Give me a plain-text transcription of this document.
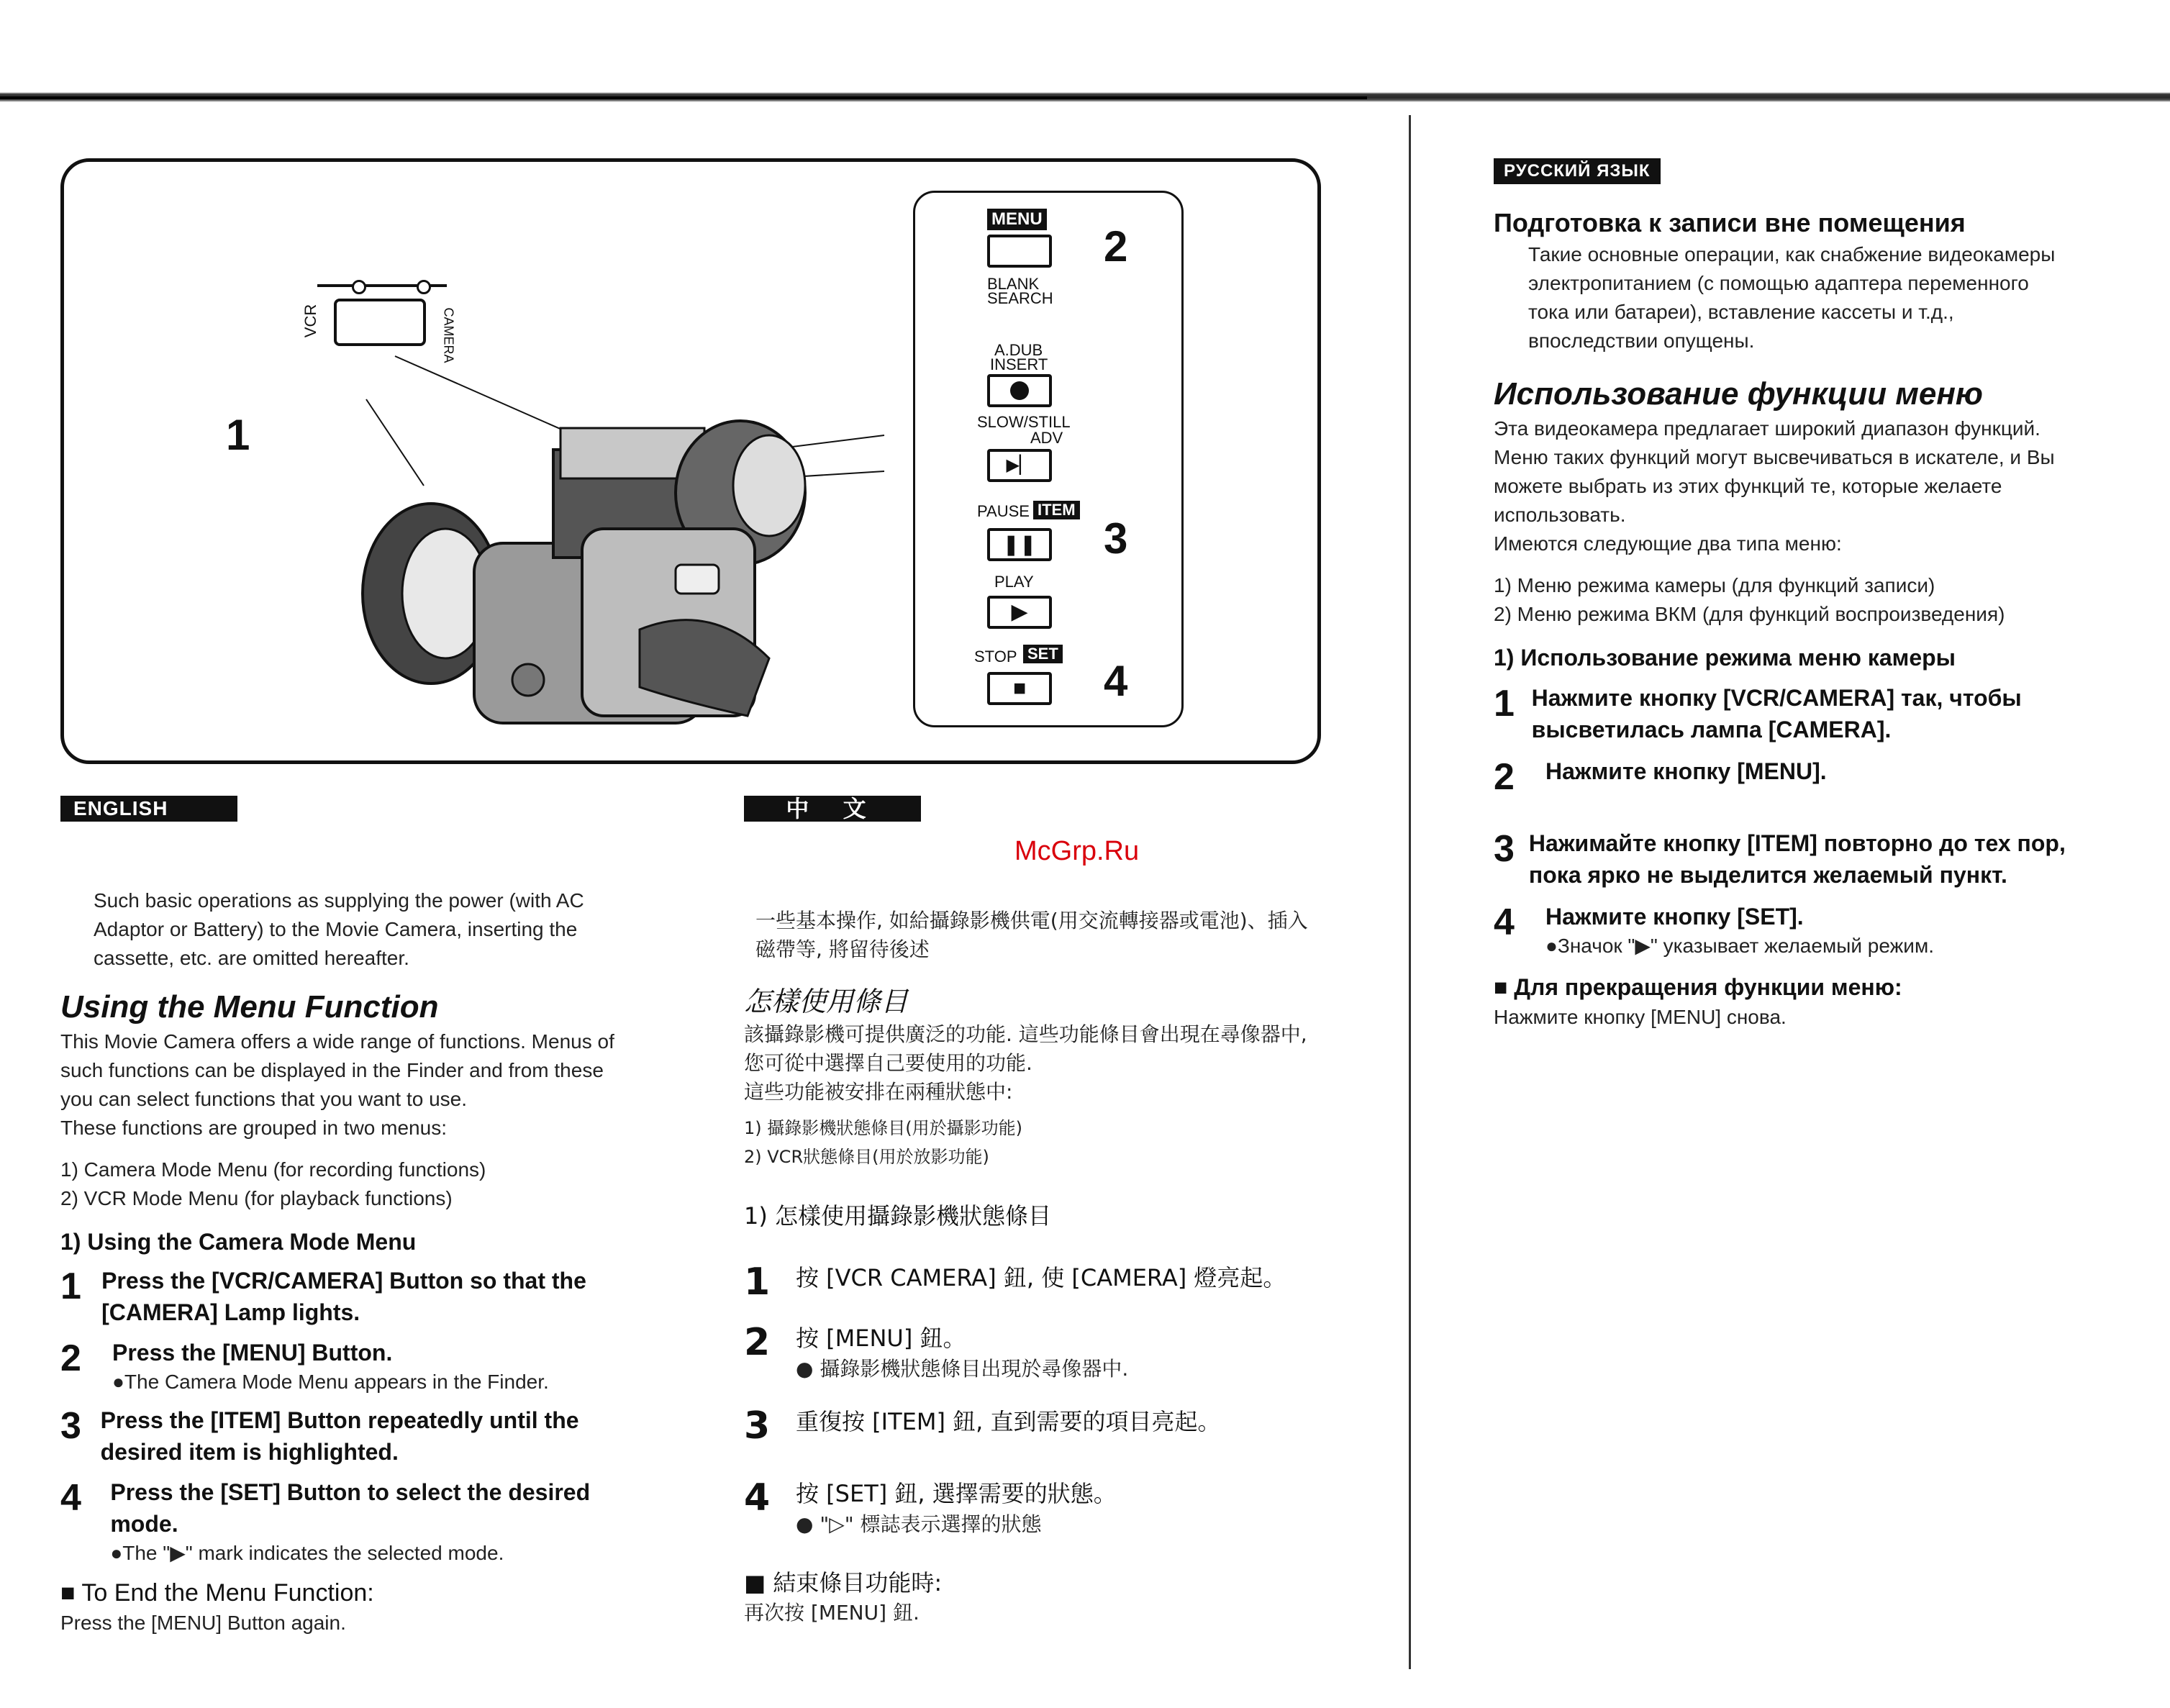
VCR	CAMERA
1
MENU
2
BLANK
SEARCH
A.DUB
INSERT
SLOW/STILL
ADV
▶▏
PAUSE ITEM
❚❚	3
PLAY
▶
STOP SET
■	4
McGrp.Ru
ENGLISH
Such basic operations as supplying the power (with AC Adaptor or Battery) to the Movie Camera, inserting the cassette, etc. are omitted hereafter.
Using the Menu Function
This Movie Camera offers a wide range of functions. Menus of such functions can be displayed in the Finder and from these you can select functions that you want to use.
These functions are grouped in two menus:
1) Camera Mode Menu (for recording functions)
2) VCR Mode Menu (for playback functions)
1) Using the Camera Mode Menu
1 Press the [VCR/CAMERA] Button so that the [CAMERA] Lamp lights.
2	Press the [MENU] Button.
●The Camera Mode Menu appears in the Finder.
3 Press the [ITEM] Button repeatedly until the desired item is highlighted.
4	Press the [SET] Button to select the desired mode.
●The "▶" mark indicates the selected mode.
■ To End the Menu Function:
Press the [MENU] Button again.
中 文
一些基本操作, 如給攝錄影機供電(用交流轉接器或電池)、插入磁帶等, 將留待後述
怎樣使用條目
該攝錄影機可提供廣泛的功能. 這些功能條目會出現在尋像器中, 您可從中選擇自己要使用的功能.
這些功能被安排在兩種狀態中:
1) 攝錄影機狀態條目(用於攝影功能)
2) VCR狀態條目(用於放影功能)
1) 怎樣使用攝錄影機狀態條目
1	按 [VCR CAMERA] 鈕, 使 [CAMERA] 燈亮起。
2	按 [MENU] 鈕。
● 攝錄影機狀態條目出現於尋像器中.
3	重復按 [ITEM] 鈕, 直到需要的項目亮起。
4	按 [SET] 鈕, 選擇需要的狀態。
● "▷" 標誌表示選擇的狀態
■ 結束條目功能時:
再次按 [MENU] 鈕.
РУССКИЙ ЯЗЫК
Подготовка к записи вне помещения
Такие основные операции, как снабжение видеокамеры электропитанием (с помощью адаптера переменного тока или батареи), вставление кассеты и т.д., впоследствии опущены.
Использование функции меню
Эта видеокамера предлагает широкий диапазон функций. Меню таких функций могут высвечиваться в искателе, и Вы можете выбрать из этих функций те, которые желаете использовать.
Имеются следующие два типа меню:
1) Меню режима камеры (для функций записи)
2) Меню режима ВКМ (для функций воспроизведения)
1) Использование режима меню камеры
1 Нажмите кнопку [VCR/CAMERA] так, чтобы высветилась лампа [CAMERA].
2	Нажмите кнопку [MENU].
3 Нажимайте кнопку [ITEM] повторно до тех пор, пока ярко не выделится желаемый пункт.
4	Нажмите кнопку [SET].
●Значок "▶" указывает желаемый режим.
■ Для прекращения функции меню:
Нажмите кнопку [MENU] снова.
